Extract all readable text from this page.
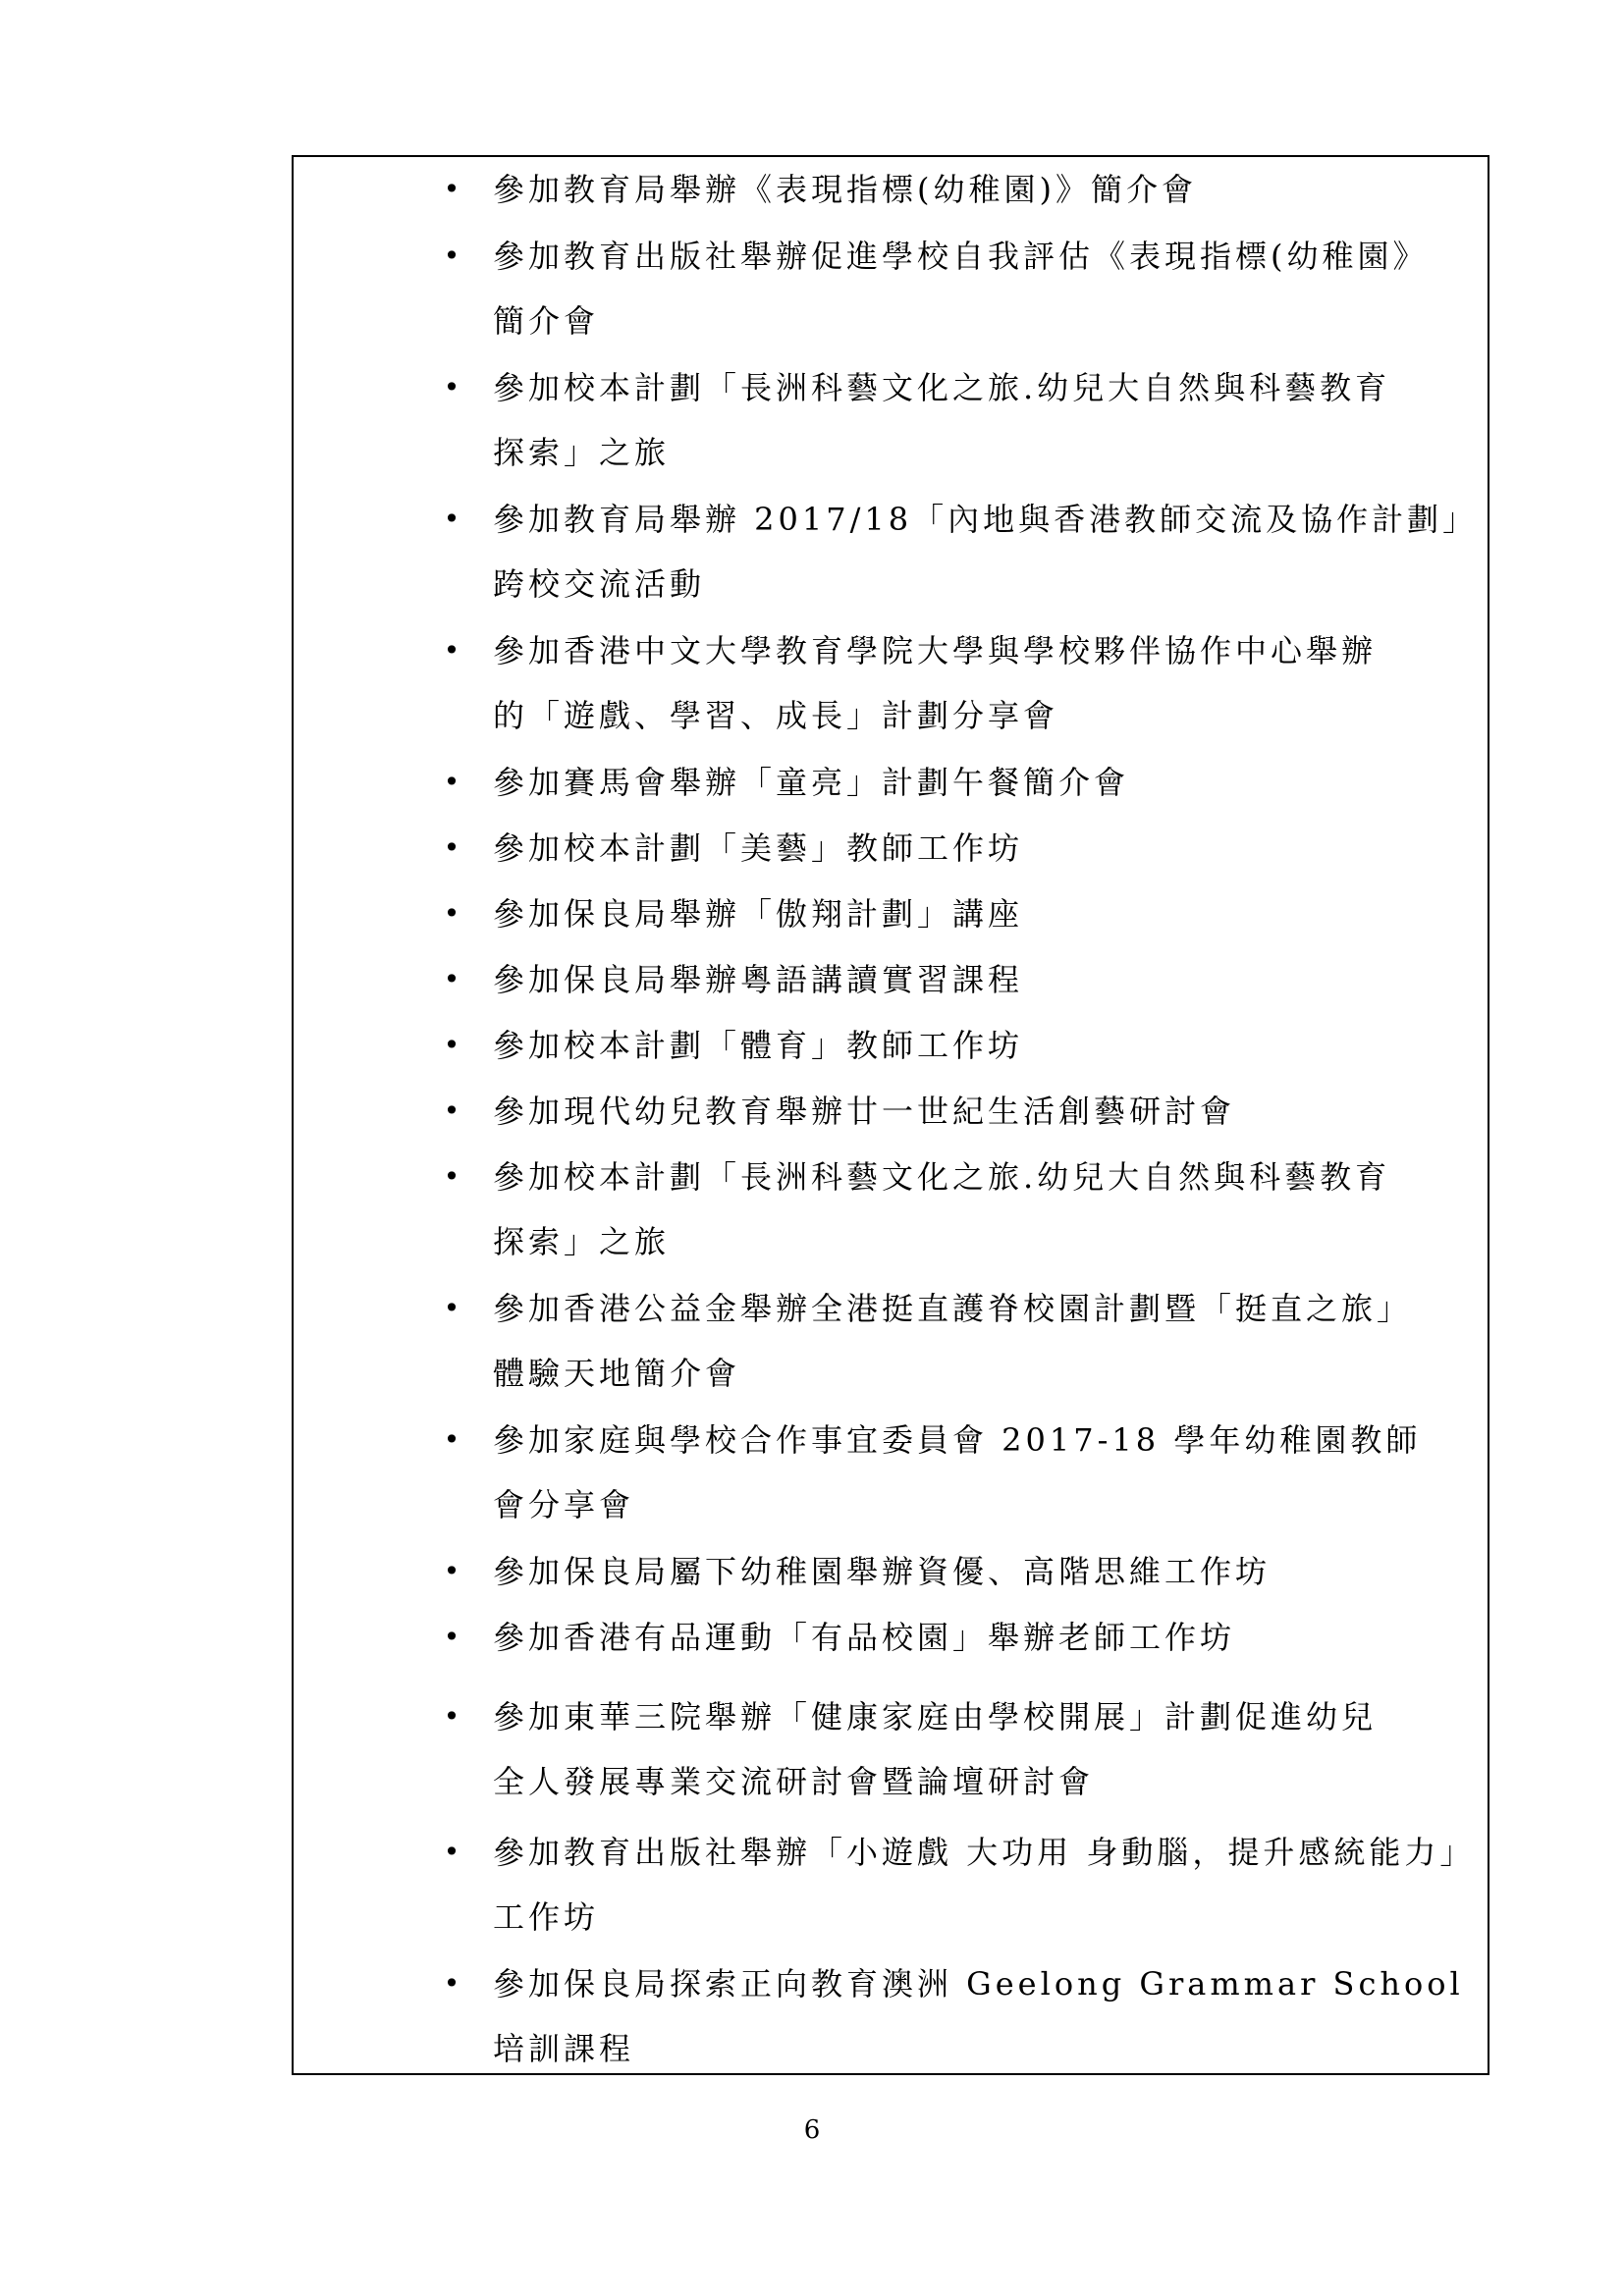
• 參加教育局舉辦《表現指標(幼稚園)》簡介會
• 參加教育出版社舉辦促進學校自我評估《表現指標(幼稚園》
簡介會
• 參加校本計劃「長洲科藝文化之旅.幼兒大自然與科藝教育
探索」之旅
• 參加教育局舉辦 2017/18「內地與香港教師交流及協作計劃」
跨校交流活動
• 參加香港中文大學教育學院大學與學校夥伴協作中心舉辦
的「遊戲、學習、成長」計劃分享會
• 參加賽馬會舉辦「童亮」計劃午餐簡介會
• 參加校本計劃「美藝」教師工作坊
• 參加保良局舉辦「傲翔計劃」講座
• 參加保良局舉辦粵語講讀實習課程
• 參加校本計劃「體育」教師工作坊
• 參加現代幼兒教育舉辦廿一世紀生活創藝研討會
• 參加校本計劃「長洲科藝文化之旅.幼兒大自然與科藝教育
探索」之旅
• 參加香港公益金舉辦全港挺直護脊校園計劃暨「挺直之旅」
體驗天地簡介會
• 參加家庭與學校合作事宜委員會 2017-18 學年幼稚園教師
會分享會
• 參加保良局屬下幼稚園舉辦資優、高階思維工作坊
• 參加香港有品運動「有品校園」舉辦老師工作坊
• 參加東華三院舉辦「健康家庭由學校開展」計劃促進幼兒
全人發展專業交流研討會暨論壇研討會
• 參加教育出版社舉辦「小遊戲 大功用 身動腦，提升感統能力」
工作坊
• 參加保良局探索正向教育澳洲 Geelong Grammar School
培訓課程
6
